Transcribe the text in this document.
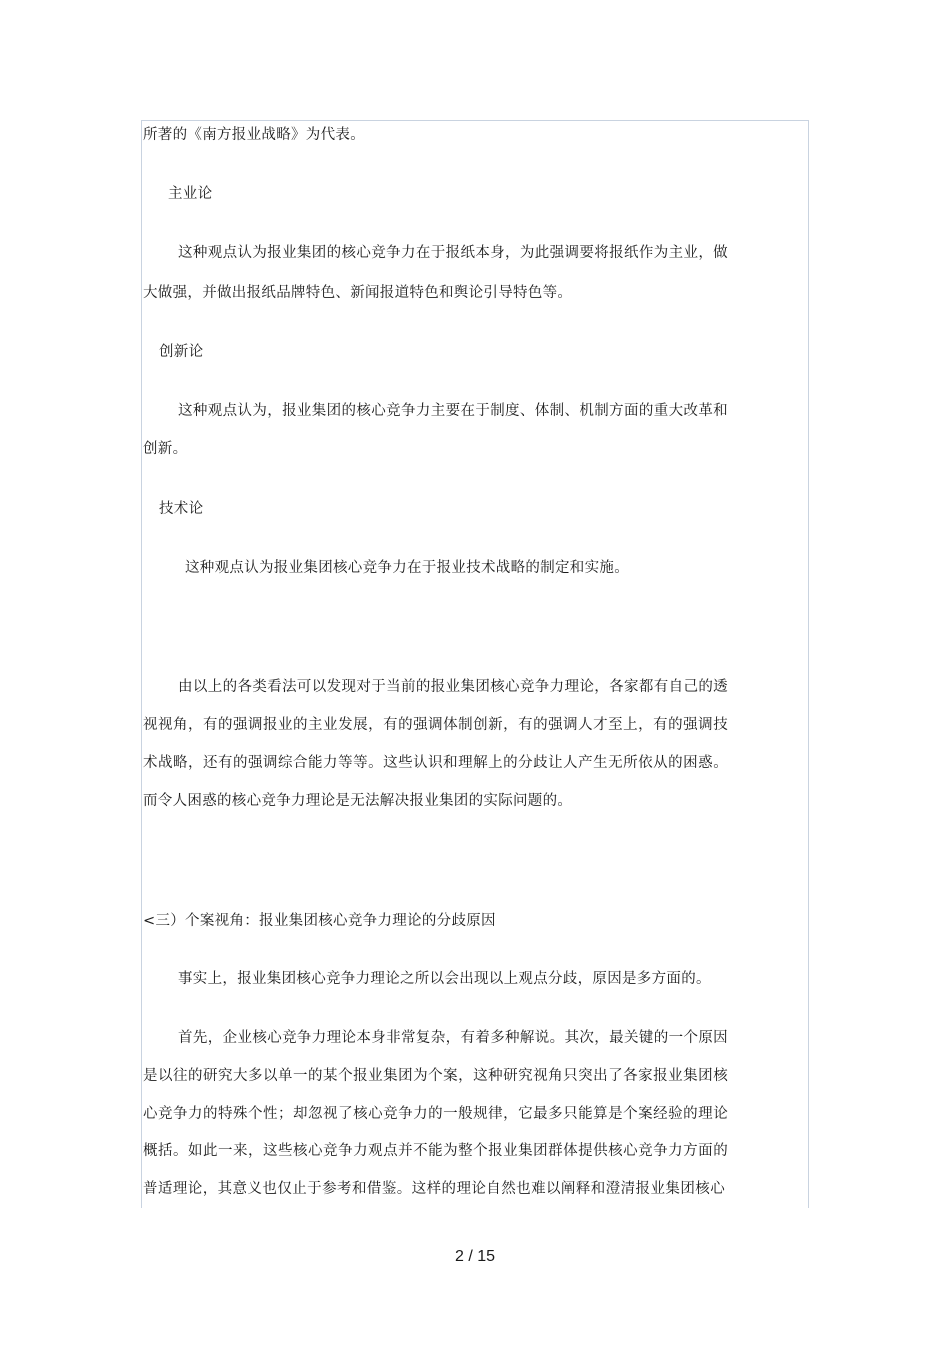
所著的《南方报业战略》为代表。
主业论
这种观点认为报业集团的核心竞争力在于报纸本身，为此强调要将报纸作为主业，做
大做强，并做出报纸品牌特色、新闻报道特色和舆论引导特色等。
创新论
这种观点认为，报业集团的核心竞争力主要在于制度、体制、机制方面的重大改革和
创新。
技术论
这种观点认为报业集团核心竞争力在于报业技术战略的制定和实施。
由以上的各类看法可以发现对于当前的报业集团核心竞争力理论，各家都有自己的透
视视角，有的强调报业的主业发展，有的强调体制创新，有的强调人才至上，有的强调技
术战略，还有的强调综合能力等等。这些认识和理解上的分歧让人产生无所依从的困惑。
而令人困惑的核心竞争力理论是无法解决报业集团的实际问题的。
<三）个案视角：报业集团核心竞争力理论的分歧原因
事实上，报业集团核心竞争力理论之所以会出现以上观点分歧，原因是多方面的。
首先，企业核心竞争力理论本身非常复杂，有着多种解说。其次，最关键的一个原因
是以往的研究大多以单一的某个报业集团为个案，这种研究视角只突出了各家报业集团核
心竞争力的特殊个性；却忽视了核心竞争力的一般规律，它最多只能算是个案经验的理论
概括。如此一来，这些核心竞争力观点并不能为整个报业集团群体提供核心竞争力方面的
普适理论，其意义也仅止于参考和借鉴。这样的理论自然也难以阐释和澄清报业集团核心
2 / 15
